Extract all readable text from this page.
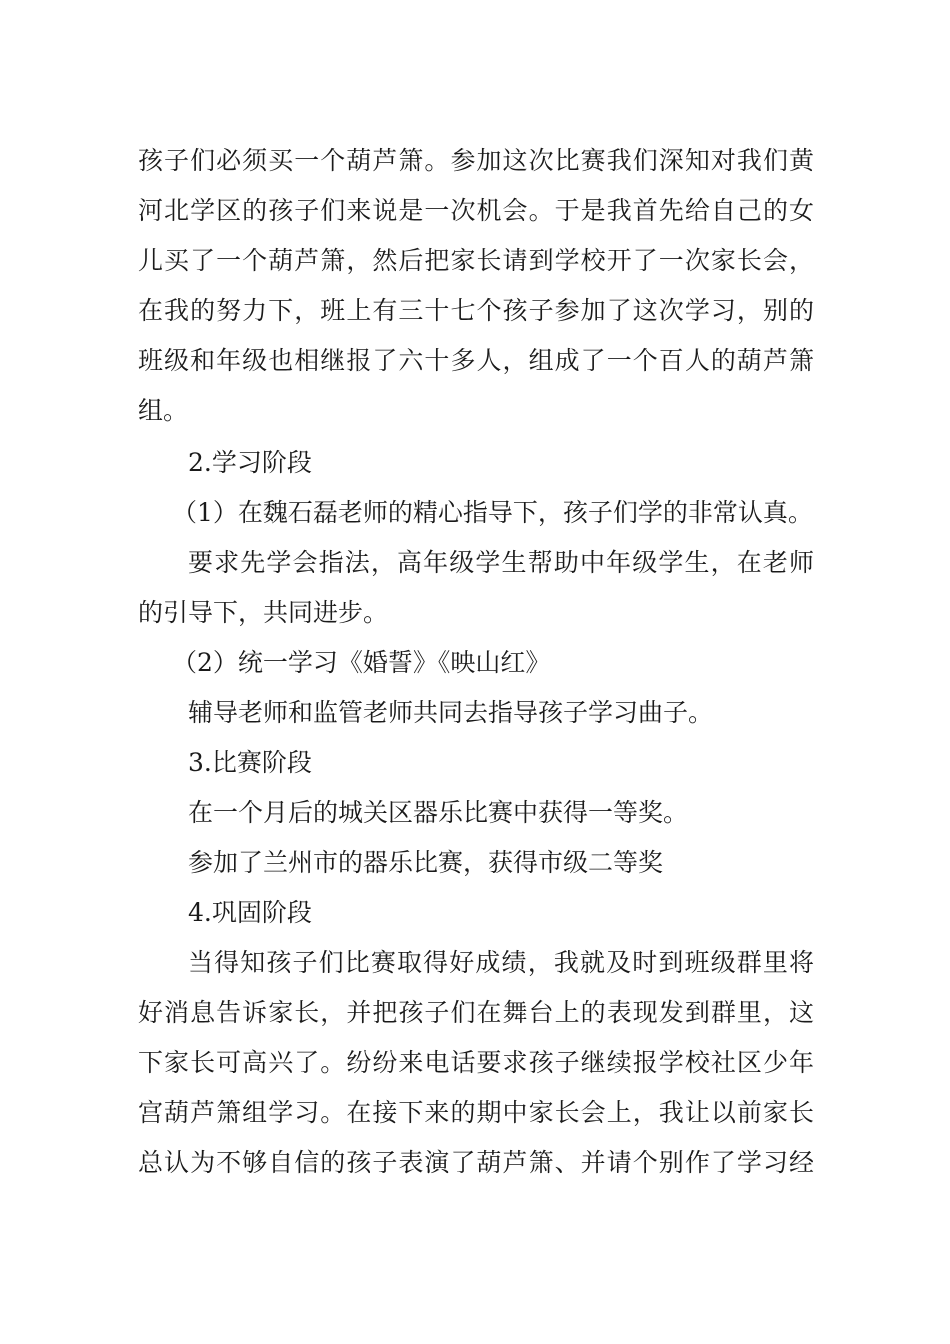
孩子们必须买一个葫芦箫。参加这次比赛我们深知对我们黄
河北学区的孩子们来说是一次机会。于是我首先给自己的女
儿买了一个葫芦箫，然后把家长请到学校开了一次家长会，
在我的努力下，班上有三十七个孩子参加了这次学习，别的
班级和年级也相继报了六十多人，组成了一个百人的葫芦箫
组。
2.学习阶段
（1）在魏石磊老师的精心指导下，孩子们学的非常认真。
要求先学会指法，高年级学生帮助中年级学生，在老师
的引导下，共同进步。
（2）统一学习《婚誓》《映山红》
辅导老师和监管老师共同去指导孩子学习曲子。
3.比赛阶段
在一个月后的城关区器乐比赛中获得一等奖。
参加了兰州市的器乐比赛，获得市级二等奖
4.巩固阶段
当得知孩子们比赛取得好成绩，我就及时到班级群里将
好消息告诉家长，并把孩子们在舞台上的表现发到群里，这
下家长可高兴了。纷纷来电话要求孩子继续报学校社区少年
宫葫芦箫组学习。在接下来的期中家长会上，我让以前家长
总认为不够自信的孩子表演了葫芦箫、并请个别作了学习经
